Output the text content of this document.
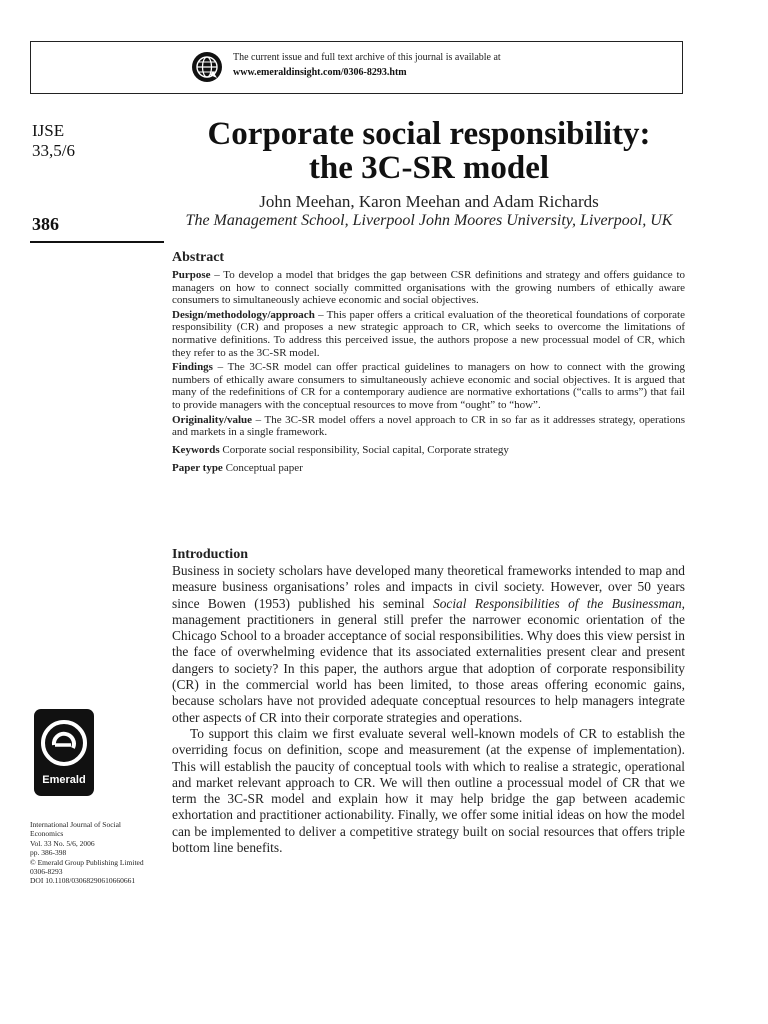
The current issue and full text archive of this journal is available at
www.emeraldinsight.com/0306-8293.htm
IJSE
33,5/6
386
Corporate social responsibility:
the 3C-SR model
John Meehan, Karon Meehan and Adam Richards
The Management School, Liverpool John Moores University, Liverpool, UK
Abstract

Purpose – To develop a model that bridges the gap between CSR definitions and strategy and offers guidance to managers on how to connect socially committed organisations with the growing numbers of ethically aware consumers to simultaneously achieve economic and social objectives.

Design/methodology/approach – This paper offers a critical evaluation of the theoretical foundations of corporate responsibility (CR) and proposes a new strategic approach to CR, which seeks to overcome the limitations of normative definitions. To address this perceived issue, the authors propose a new processual model of CR, which they refer to as the 3C-SR model.

Findings – The 3C-SR model can offer practical guidelines to managers on how to connect with the growing numbers of ethically aware consumers to simultaneously achieve economic and social objectives. It is argued that many of the redefinitions of CR for a contemporary audience are normative exhortations (“calls to arms”) that fail to provide managers with the conceptual resources to move from “ought” to “how”.

Originality/value – The 3C-SR model offers a novel approach to CR in so far as it addresses strategy, operations and markets in a single framework.

Keywords Corporate social responsibility, Social capital, Corporate strategy

Paper type Conceptual paper

Introduction

Business in society scholars have developed many theoretical frameworks intended to map and measure business organisations’ roles and impacts in civil society. However, over 50 years since Bowen (1953) published his seminal Social Responsibilities of the Businessman, management practitioners in general still prefer the narrower economic orientation of the Chicago School to a broader acceptance of social responsibilities. Why does this view persist in the face of overwhelming evidence that its associated externalities present clear and present dangers to society? In this paper, the authors argue that adoption of corporate responsibility (CR) in the commercial world has been limited, to those areas offering economic gains, because scholars have not provided adequate conceptual resources to help managers integrate other aspects of CR into their corporate strategies and operations.

To support this claim we first evaluate several well-known models of CR to establish the overriding focus on definition, scope and measurement (at the expense of implementation). This will establish the paucity of conceptual tools with which to realise a strategic, operational and market relevant approach to CR. We will then outline a processual model of CR that we term the 3C-SR model and explain how it may help bridge the gap between academic exhortation and practitioner actionability. Finally, we offer some initial ideas on how the model can be implemented to deliver a competitive strategy built on social resources that offers triple bottom line benefits.

Emerald
International Journal of Social
Economics
Vol. 33 No. 5/6, 2006
pp. 386-398
© Emerald Group Publishing Limited
0306-8293
DOI 10.1108/03068290610660661
